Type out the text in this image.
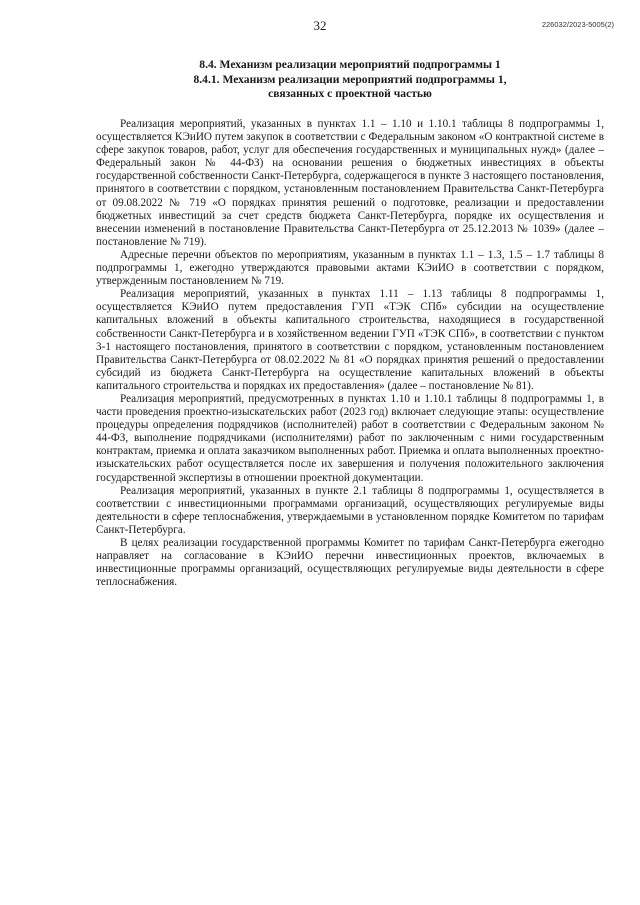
32	226032/2023-5005(2)
8.4. Механизм реализации мероприятий подпрограммы 1
8.4.1. Механизм реализации мероприятий подпрограммы 1,
связанных с проектной частью

Реализация мероприятий, указанных в пунктах 1.1 – 1.10 и 1.10.1 таблицы 8 подпрограммы 1, осуществляется КЭиИО путем закупок в соответствии с Федеральным законом «О контрактной системе в сфере закупок товаров, работ, услуг для обеспечения государственных и муниципальных нужд» (далее – Федеральный закон № 44-ФЗ) на основании решения о бюджетных инвестициях в объекты государственной собственности Санкт-Петербурга, содержащегося в пункте 3 настоящего постановления, принятого в соответствии с порядком, установленным постановлением Правительства Санкт-Петербурга от 09.08.2022 № 719 «О порядках принятия решений о подготовке, реализации и предоставлении бюджетных инвестиций за счет средств бюджета Санкт-Петербурга, порядке их осуществления и внесении изменений в постановление Правительства Санкт-Петербурга от 25.12.2013 № 1039» (далее – постановление № 719).

Адресные перечни объектов по мероприятиям, указанным в пунктах 1.1 – 1.3, 1.5 – 1.7 таблицы 8 подпрограммы 1, ежегодно утверждаются правовыми актами КЭиИО в соответствии с порядком, утвержденным постановлением № 719.

Реализация мероприятий, указанных в пунктах 1.11 – 1.13 таблицы 8 подпрограммы 1, осуществляется КЭиИО путем предоставления ГУП «ТЭК СПб» субсидии на осуществление капитальных вложений в объекты капитального строительства, находящиеся в государственной собственности Санкт-Петербурга и в хозяйственном ведении ГУП «ТЭК СПб», в соответствии с пунктом 3-1 настоящего постановления, принятого в соответствии с порядком, установленным постановлением Правительства Санкт-Петербурга от 08.02.2022 № 81 «О порядках принятия решений о предоставлении субсидий из бюджета Санкт-Петербурга на осуществление капитальных вложений в объекты капитального строительства и порядках их предоставления» (далее – постановление № 81).

Реализация мероприятий, предусмотренных в пунктах 1.10 и 1.10.1 таблицы 8 подпрограммы 1, в части проведения проектно-изыскательских работ (2023 год) включает следующие этапы: осуществление процедуры определения подрядчиков (исполнителей) работ в соответствии с Федеральным законом № 44-ФЗ, выполнение подрядчиками (исполнителями) работ по заключенным с ними государственным контрактам, приемка и оплата заказчиком выполненных работ. Приемка и оплата выполненных проектно-изыскательских работ осуществляется после их завершения и получения положительного заключения государственной экспертизы в отношении проектной документации.

Реализация мероприятий, указанных в пункте 2.1 таблицы 8 подпрограммы 1, осуществляется в соответствии с инвестиционными программами организаций, осуществляющих регулируемые виды деятельности в сфере теплоснабжения, утверждаемыми в установленном порядке Комитетом по тарифам Санкт-Петербурга.

В целях реализации государственной программы Комитет по тарифам Санкт-Петербурга ежегодно направляет на согласование в КЭиИО перечни инвестиционных проектов, включаемых в инвестиционные программы организаций, осуществляющих регулируемые виды деятельности в сфере теплоснабжения.
